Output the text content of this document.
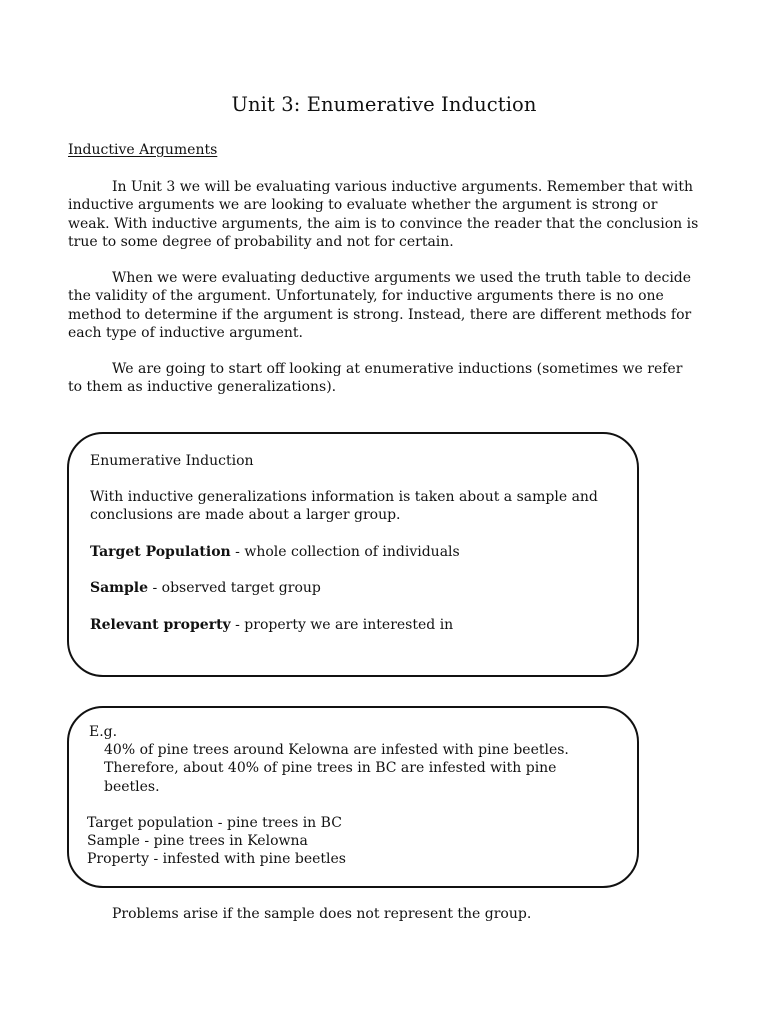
Unit 3: Enumerative Induction
Inductive Arguments

In Unit 3 we will be evaluating various inductive arguments. Remember that with inductive arguments we are looking to evaluate whether the argument is strong or weak. With inductive arguments, the aim is to convince the reader that the conclusion is true to some degree of probability and not for certain.

When we were evaluating deductive arguments we used the truth table to decide the validity of the argument. Unfortunately, for inductive arguments there is no one method to determine if the argument is strong. Instead, there are different methods for each type of inductive argument.

We are going to start off looking at enumerative inductions (sometimes we refer to them as inductive generalizations).

Enumerative Induction

With inductive generalizations information is taken about a sample and conclusions are made about a larger group.

Target Population - whole collection of individuals
Sample - observed target group
Relevant property - property we are interested in
E.g.

40% of pine trees around Kelowna are infested with pine beetles. Therefore, about 40% of pine trees in BC are infested with pine beetles.

Target population - pine trees in BC
Sample - pine trees in Kelowna
Property - infested with pine beetles
Problems arise if the sample does not represent the group.
